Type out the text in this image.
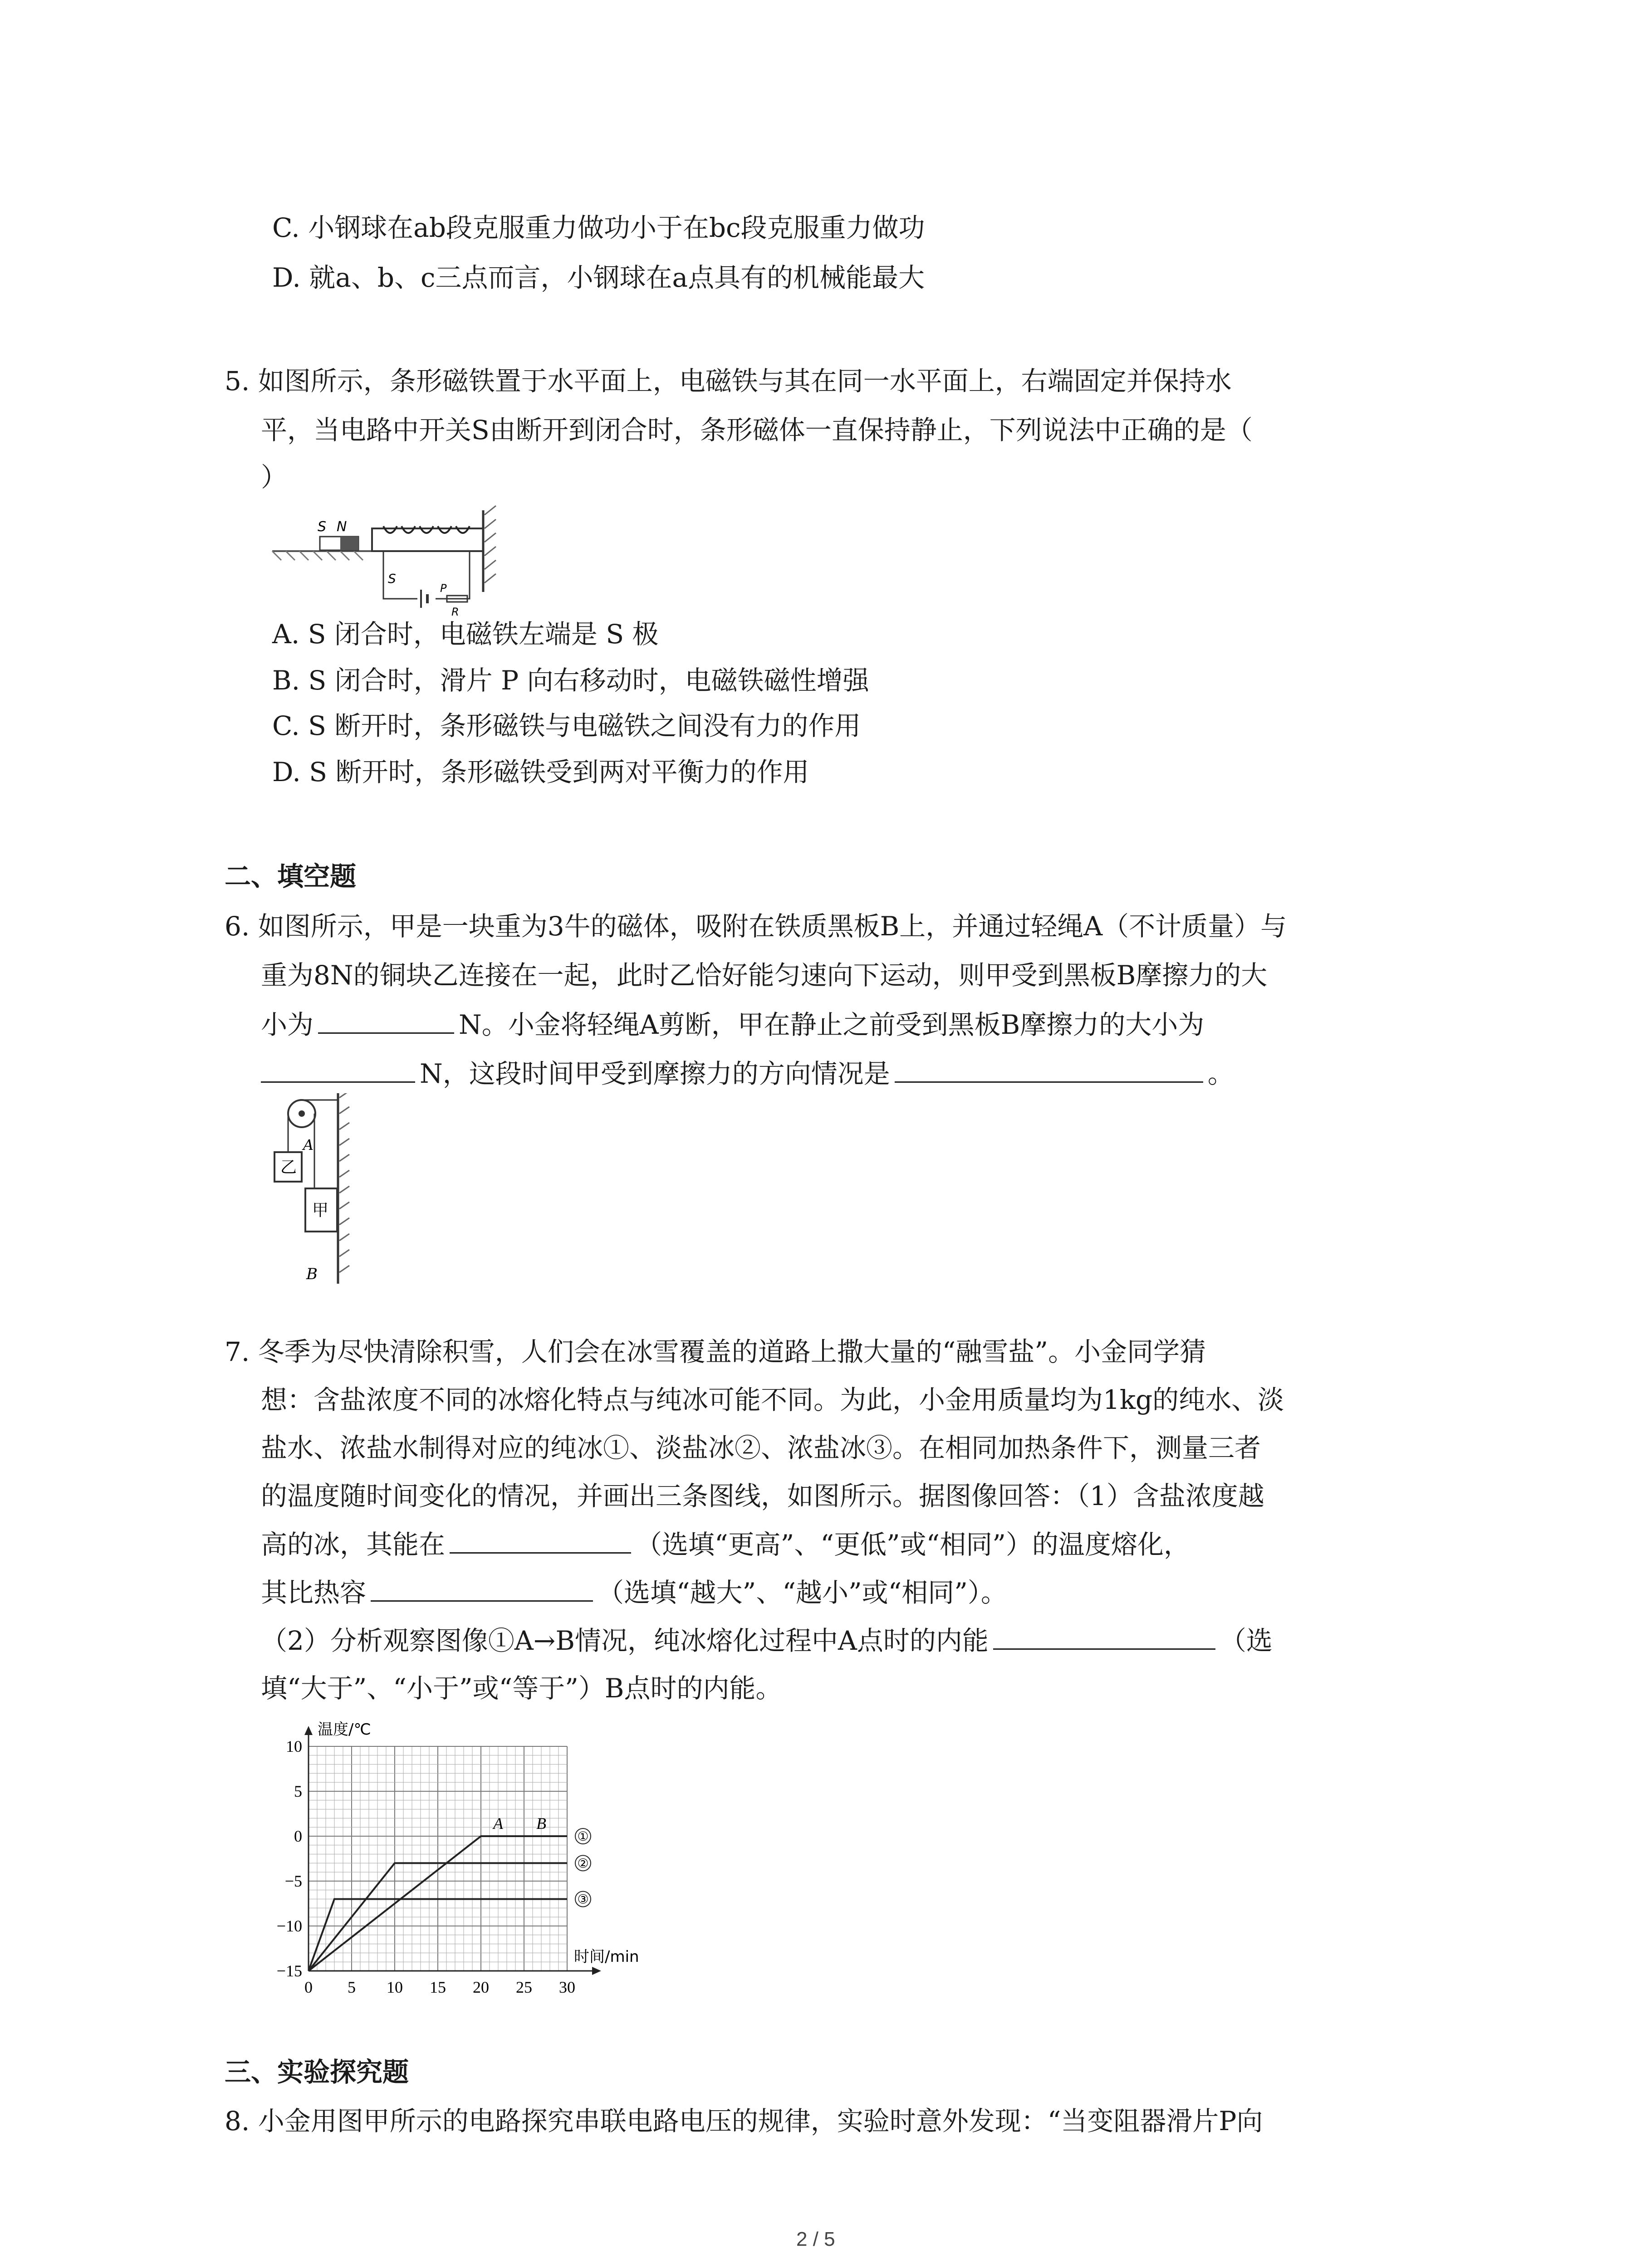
C. 小钢球在ab段克服重力做功小于在bc段克服重力做功
D. 就a、b、c三点而言，小钢球在a点具有的机械能最大
5. 如图所示，条形磁铁置于水平面上，电磁铁与其在同一水平面上，右端固定并保持水
平，当电路中开关S由断开到闭合时，条形磁体一直保持静止，下列说法中正确的是（
）
S N
S
P
R
A. S 闭合时，电磁铁左端是 S 极
B. S 闭合时，滑片 P 向右移动时，电磁铁磁性增强
C. S 断开时，条形磁铁与电磁铁之间没有力的作用
D. S 断开时，条形磁铁受到两对平衡力的作用
二、填空题
6. 如图所示，甲是一块重为3牛的磁体，吸附在铁质黑板B上，并通过轻绳A（不计质量）与
重为8N的铜块乙连接在一起，此时乙恰好能匀速向下运动，则甲受到黑板B摩擦力的大
小为	N。小金将轻绳A剪断，甲在静止之前受到黑板B摩擦力的大小为
N，这段时间甲受到摩擦力的方向情况是	。
A
乙
甲
B
7. 冬季为尽快清除积雪，人们会在冰雪覆盖的道路上撒大量的“融雪盐”。小金同学猜
想：含盐浓度不同的冰熔化特点与纯冰可能不同。为此，小金用质量均为1kg的纯水、淡
盐水、浓盐水制得对应的纯冰①、淡盐冰②、浓盐冰③。在相同加热条件下，测量三者
的温度随时间变化的情况，并画出三条图线，如图所示。据图像回答：（1）含盐浓度越
高的冰，其能在	（选填“更高”、“更低”或“相同”）的温度熔化，
其比热容	（选填“越大”、“越小”或“相同”）。
（2）分析观察图像①A→B情况，纯冰熔化过程中A点时的内能	（选
填“大于”、“小于”或“等于”）B点时的内能。
0 5 10 15 20 25 30
10
5
0
−5
−10
−15
①
②
③
A B
温度/℃
时间/min
三、实验探究题
8. 小金用图甲所示的电路探究串联电路电压的规律，实验时意外发现：“当变阻器滑片P向
2 / 5
